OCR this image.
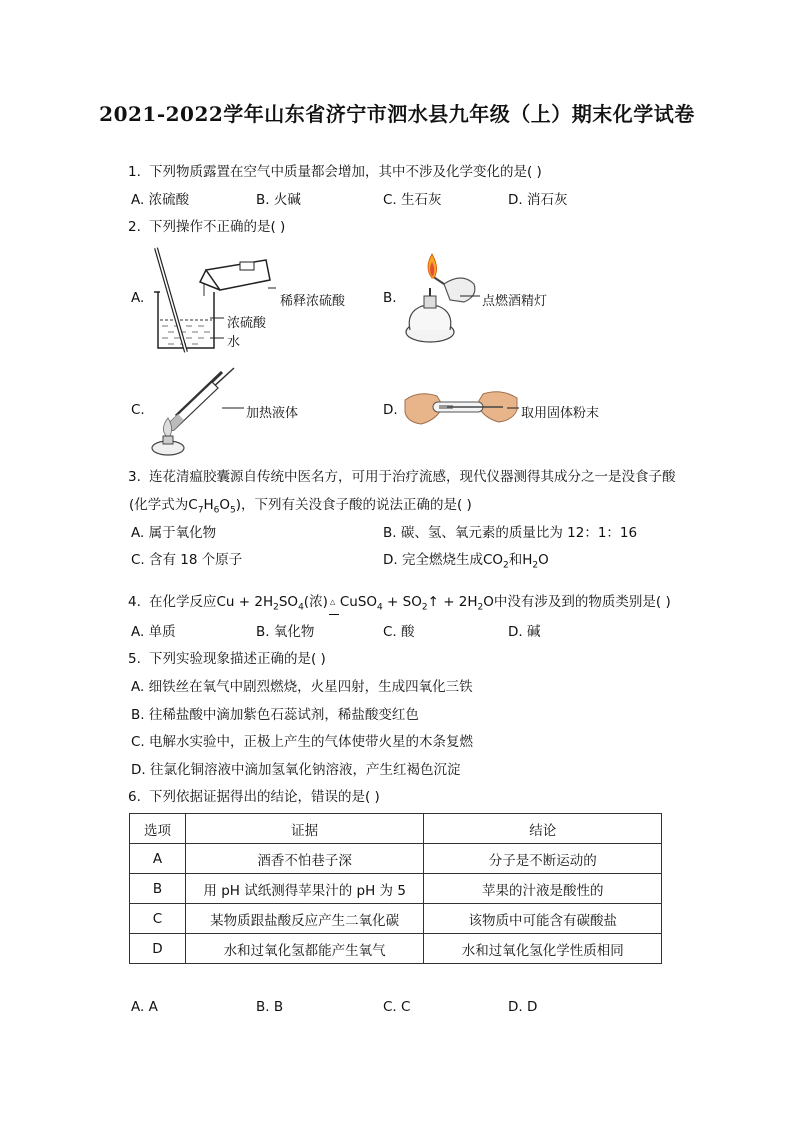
2021-2022学年山东省济宁市泗水县九年级（上）期末化学试卷
1. 下列物质露置在空气中质量都会增加，其中不涉及化学变化的是( )
A. 浓硫酸	B. 火碱	C. 生石灰	D. 消石灰
2. 下列操作不正确的是( )
A.	稀释浓硫酸
浓硫酸
水
B.	点燃酒精灯
C.	加热液体	D.	取用固体粉末
3. 连花清瘟胶囊源自传统中医名方，可用于治疗流感，现代仪器测得其成分之一是没食子酸
(化学式为$C_7H_6O_5$)，下列有关没食子酸的说法正确的是( )
A. 属于氧化物	B. 碳、氢、氧元素的质量比为 12：1：16
C. 含有 18 个原子	D. 完全燃烧生成$CO_2$和$H_2O$
4. 在化学反应$Cu + 2H_2SO_4$(浓) △ CuSO$_4$ + $SO_2↑ + 2H_2O$中没有涉及到的物质类别是( )
A. 单质	B. 氧化物	C. 酸	D. 碱
5. 下列实验现象描述正确的是( )
A. 细铁丝在氧气中剧烈燃烧，火星四射，生成四氧化三铁
B. 往稀盐酸中滴加紫色石蕊试剂，稀盐酸变红色
C. 电解水实验中，正极上产生的气体使带火星的木条复燃
D. 往氯化铜溶液中滴加氢氧化钠溶液，产生红褐色沉淀
6. 下列依据证据得出的结论，错误的是( )
选项	证据	结论
A	酒香不怕巷子深	分子是不断运动的
B	用 pH 试纸测得苹果汁的 pH 为 5	苹果的汁液是酸性的
C	某物质跟盐酸反应产生二氧化碳	该物质中可能含有碳酸盐
D	水和过氧化氢都能产生氧气	水和过氧化氢化学性质相同
A. A	B. B	C. C	D. D
